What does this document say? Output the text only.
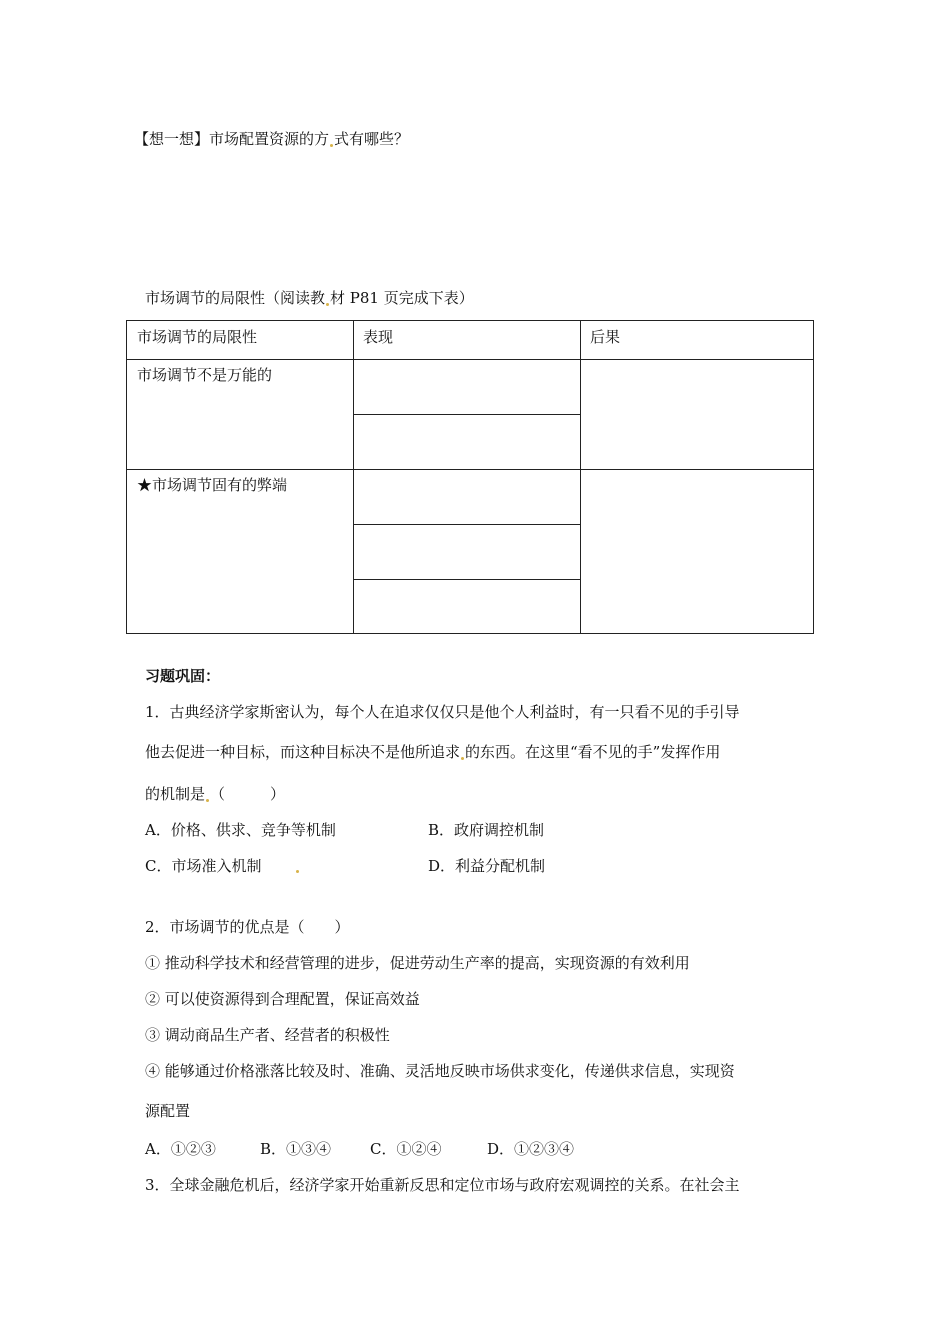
【想一想】市场配置资源的方 式有哪些？
市场调节的局限性（阅读教 材 P81 页完成下表）
市场调节的局限性	表现	后果
市场调节不是万能的
★市场调节固有的弊端
习题巩固：
1．古典经济学家斯密认为，每个人在追求仅仅只是他个人利益时，有一只看不见的手引导
他去促进一种目标，而这种目标决不是他所追求 的东西。在这里“看不见的手”发挥作用
的机制是 （　　　）
A．价格、供求、竞争等机制	B．政府调控机制
C．市场准入机制	D．利益分配机制
2．市场调节的优点是（　　）
① 推动科学技术和经营管理的进步，促进劳动生产率的提高，实现资源的有效利用
② 可以使资源得到合理配置，保证高效益
③ 调动商品生产者、经营者的积极性
④ 能够通过价格涨落比较及时、准确、灵活地反映市场供求变化，传递供求信息，实现资
源配置
A．①②③	B．①③④	C．①②④	D．①②③④
3．全球金融危机后，经济学家开始重新反思和定位市场与政府宏观调控的关系。在社会主
